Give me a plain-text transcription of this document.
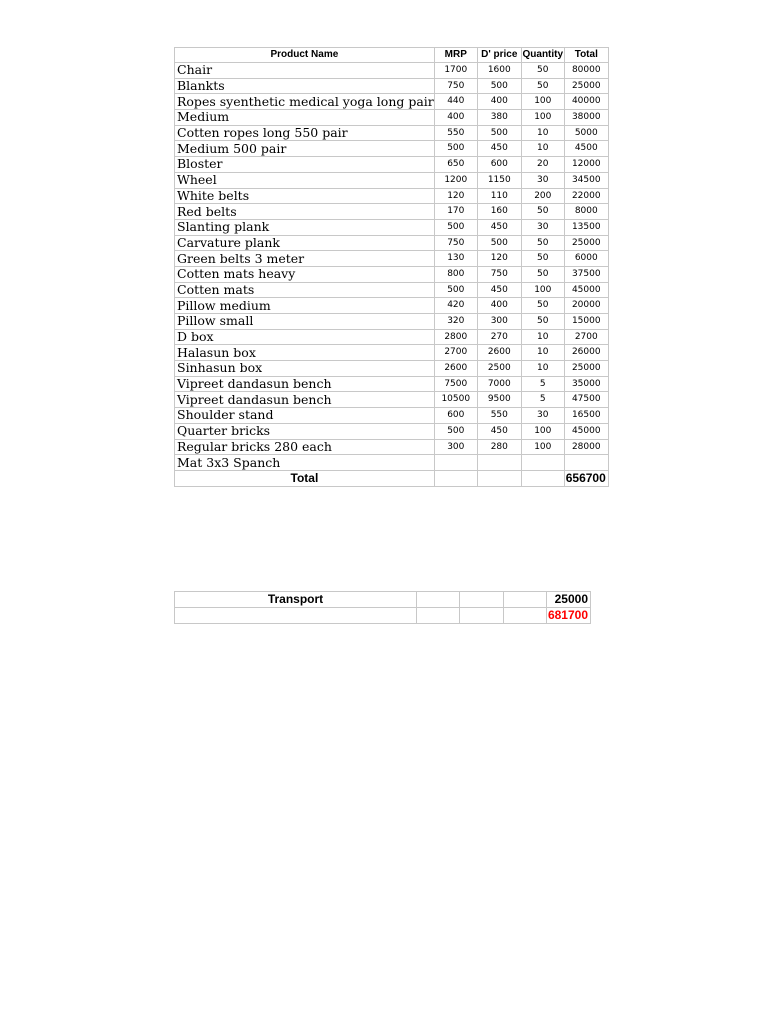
Product Name	MRP	D' price	Quantity	Total
Chair	1700	1600	50	80000
Blankts	750	500	50	25000
Ropes syenthetic medical yoga long pair	440	400	100	40000
Medium	400	380	100	38000
Cotten ropes long 550 pair	550	500	10	5000
Medium 500 pair	500	450	10	4500
Bloster	650	600	20	12000
Wheel	1200	1150	30	34500
White belts	120	110	200	22000
Red belts	170	160	50	8000
Slanting plank	500	450	30	13500
Carvature plank	750	500	50	25000
Green belts 3 meter	130	120	50	6000
Cotten mats heavy	800	750	50	37500
Cotten mats	500	450	100	45000
Pillow medium	420	400	50	20000
Pillow small	320	300	50	15000
D box	2800	270	10	2700
Halasun box	2700	2600	10	26000
Sinhasun box	2600	2500	10	25000
Vipreet dandasun bench	7500	7000	5	35000
Vipreet dandasun bench	10500	9500	5	47500
Shoulder stand	600	550	30	16500
Quarter bricks	500	450	100	45000
Regular bricks 280 each	300	280	100	28000
Mat 3x3 Spanch				
Total				656700
Transport				25000
				681700
